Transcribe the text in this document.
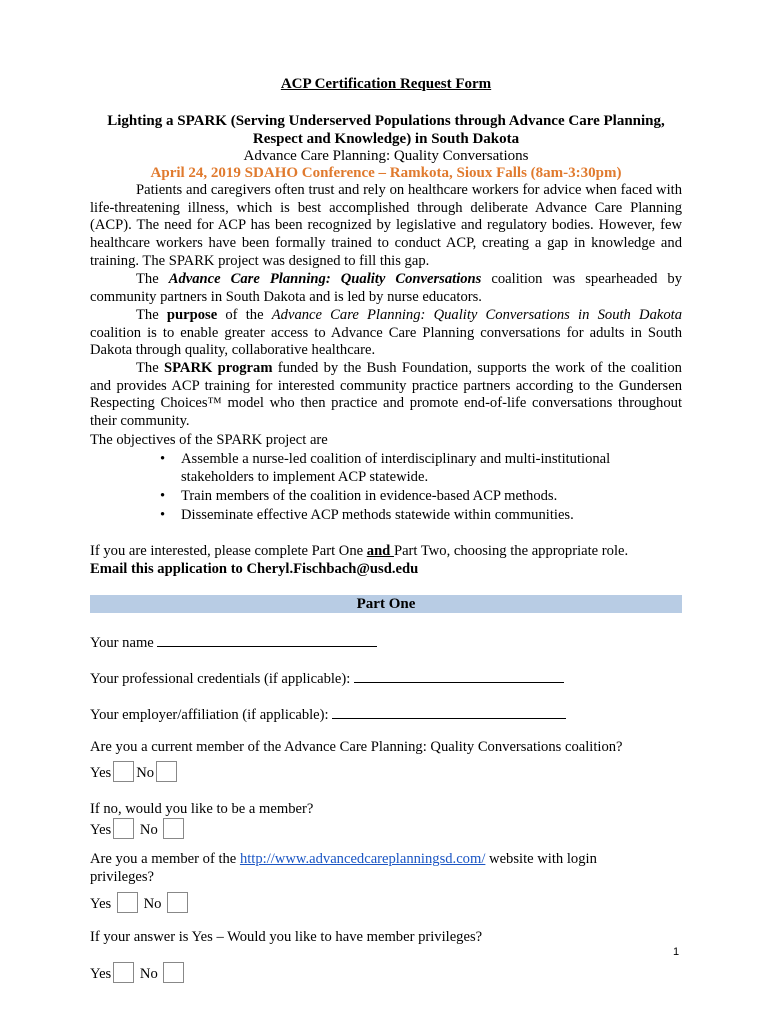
ACP Certification Request Form
Lighting a SPARK (Serving Underserved Populations through Advance Care Planning, Respect and Knowledge) in South Dakota
Advance Care Planning: Quality Conversations
April 24, 2019 SDAHO Conference – Ramkota, Sioux Falls (8am-3:30pm)
Patients and caregivers often trust and rely on healthcare workers for advice when faced with life-threatening illness, which is best accomplished through deliberate Advance Care Planning (ACP). The need for ACP has been recognized by legislative and regulatory bodies. However, few healthcare workers have been formally trained to conduct ACP, creating a gap in knowledge and training. The SPARK project was designed to fill this gap.
The Advance Care Planning: Quality Conversations coalition was spearheaded by community partners in South Dakota and is led by nurse educators.
The purpose of the Advance Care Planning: Quality Conversations in South Dakota coalition is to enable greater access to Advance Care Planning conversations for adults in South Dakota through quality, collaborative healthcare.
The SPARK program funded by the Bush Foundation, supports the work of the coalition and provides ACP training for interested community practice partners according to the Gundersen Respecting Choices™ model who then practice and promote end-of-life conversations throughout their community.
The objectives of the SPARK project are
• Assemble a nurse-led coalition of interdisciplinary and multi-institutional stakeholders to implement ACP statewide.
• Train members of the coalition in evidence-based ACP methods.
• Disseminate effective ACP methods statewide within communities.
If you are interested, please complete Part One and Part Two, choosing the appropriate role.
Email this application to Cheryl.Fischbach@usd.edu
Part One
Your name
Your professional credentials (if applicable):
Your employer/affiliation (if applicable):
Are you a current member of the Advance Care Planning: Quality Conversations coalition?
Yes No
If no, would you like to be a member?
Yes No
Are you a member of the http://www.advancedcareplanningsd.com/ website with login privileges?
Yes No
If your answer is Yes – Would you like to have member privileges?
Yes No
1
